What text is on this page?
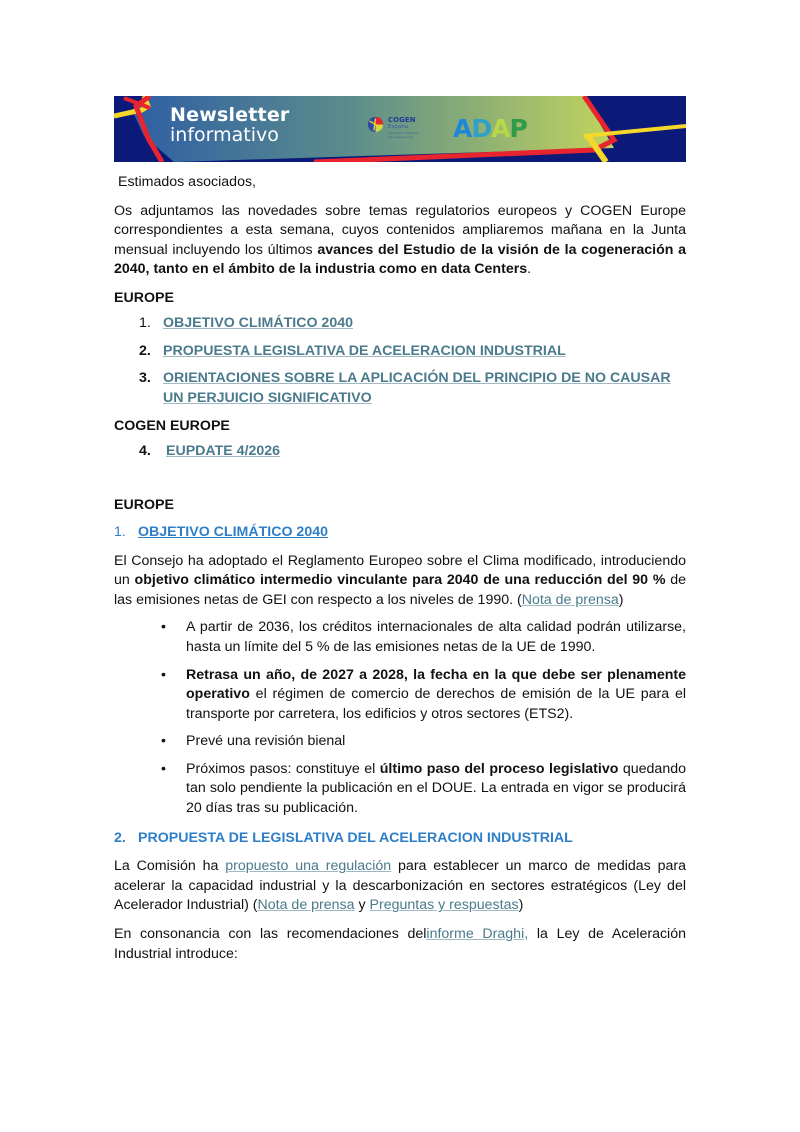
Newsletter
informativo
COGEN
España
Asociación Española de Cogeneración	ADAP

Estimados asociados,

Os adjuntamos las novedades sobre temas regulatorios europeos y COGEN Europe correspondientes a esta semana, cuyos contenidos ampliaremos mañana en la Junta mensual incluyendo los últimos avances del Estudio de la visión de la cogeneración a 2040, tanto en el ámbito de la industria como en data Centers.

EUROPE
1. OBJETIVO CLIMÁTICO 2040
2. PROPUESTA LEGISLATIVA DE ACELERACION INDUSTRIAL
3. ORIENTACIONES SOBRE LA APLICACIÓN DEL PRINCIPIO DE NO CAUSAR UN PERJUICIO SIGNIFICATIVO
COGEN EUROPE
4. EUPDATE 4/2026
EUROPE
1. OBJETIVO CLIMÁTICO 2040

El Consejo ha adoptado el Reglamento Europeo sobre el Clima modificado, introduciendo un objetivo climático intermedio vinculante para 2040 de una reducción del 90 % de las emisiones netas de GEI con respecto a los niveles de 1990. (Nota de prensa)

• A partir de 2036, los créditos internacionales de alta calidad podrán utilizarse, hasta un límite del 5 % de las emisiones netas de la UE de 1990.
• Retrasa un año, de 2027 a 2028, la fecha en la que debe ser plenamente operativo el régimen de comercio de derechos de emisión de la UE para el transporte por carretera, los edificios y otros sectores (ETS2).
• Prevé una revisión bienal
• Próximos pasos: constituye el último paso del proceso legislativo quedando tan solo pendiente la publicación en el DOUE. La entrada en vigor se producirá 20 días tras su publicación.
2. PROPUESTA DE LEGISLATIVA DEL ACELERACION INDUSTRIAL

La Comisión ha propuesto una regulación para establecer un marco de medidas para acelerar la capacidad industrial y la descarbonización en sectores estratégicos (Ley del Acelerador Industrial) (Nota de prensa y Preguntas y respuestas)

En consonancia con las recomendaciones delinforme Draghi, la Ley de Aceleración Industrial introduce:
